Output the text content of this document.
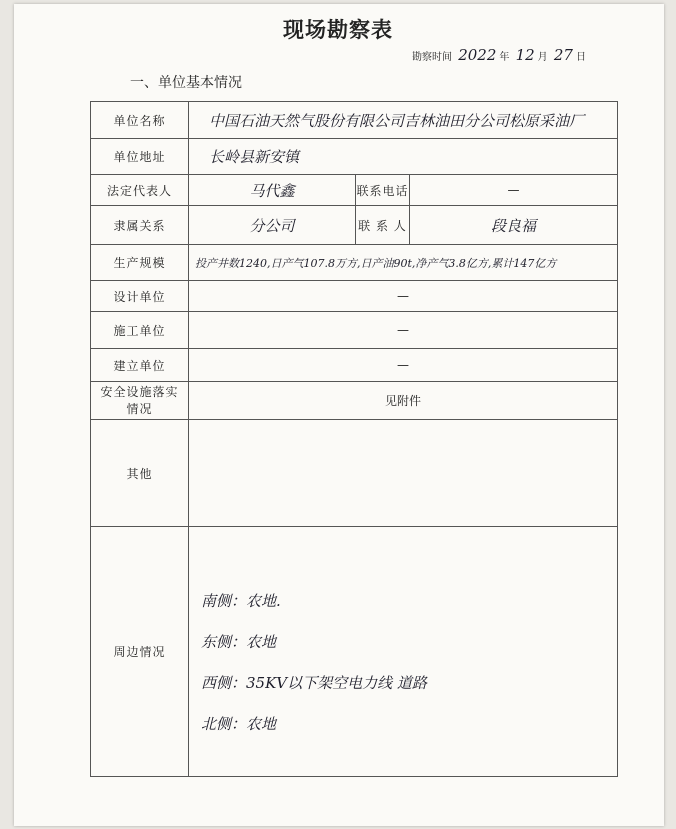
现场勘察表
勘察时间 2022 年 12 月 27 日
一、单位基本情况
单位名称	中国石油天然气股份有限公司吉林油田分公司松原采油厂		
单位地址	长岭县新安镇		
法定代表人	马代鑫	联系电话	—
隶属关系	分公司	联 系 人	段良福
生产规模	投产井数1240,日产气107.8万方,日产油90t,净产气3.8亿方,累计147亿方		
设计单位	—		
施工单位	—		
建立单位	—		
安全设施落实情况	见附件		
其他			
周边情况	南侧：农地.
东侧：农地
西侧：35KV以下架空电力线 道路
北侧：农地		
